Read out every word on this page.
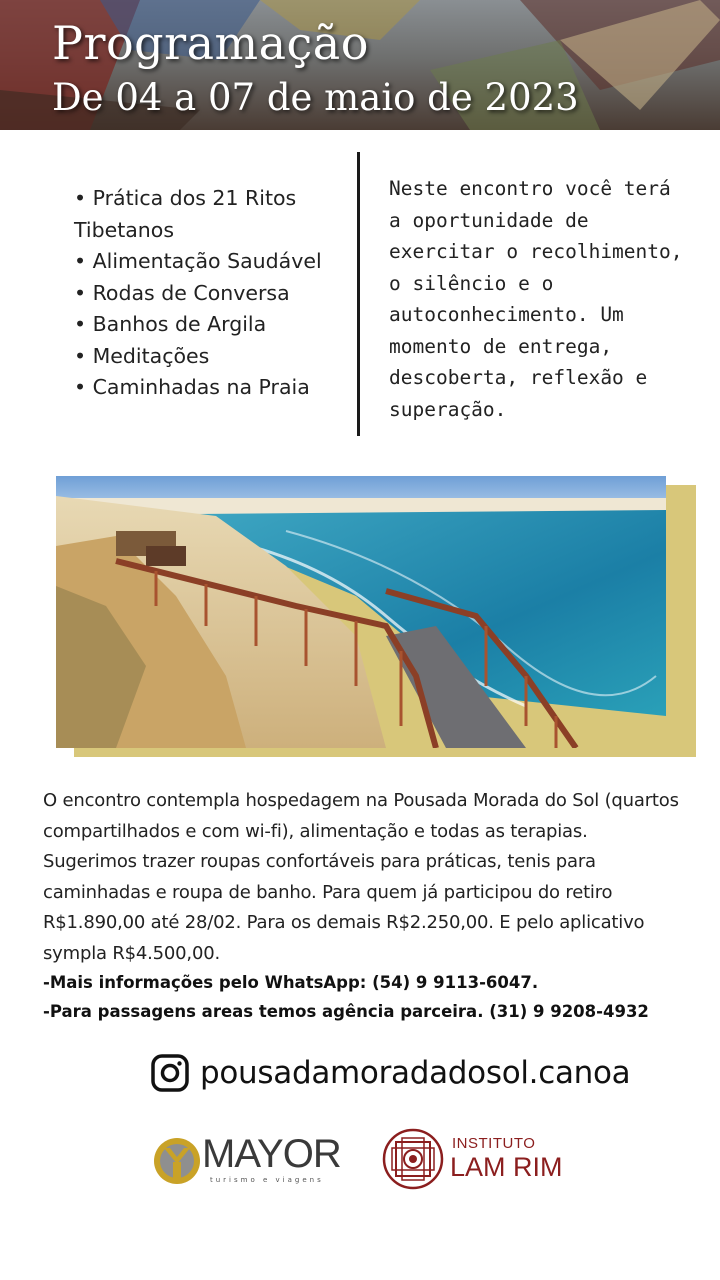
Programação
De 04 a 07 de maio de 2023
• Prática dos 21 Ritos Tibetanos
• Alimentação Saudável
• Rodas de Conversa
• Banhos de Argila
• Meditações
• Caminhadas na Praia

Neste encontro você terá a oportunidade de exercitar o recolhimento, o silêncio e o autoconhecimento. Um momento de entrega, descoberta, reflexão e superação.

O encontro contempla hospedagem na Pousada Morada do Sol (quartos compartilhados e com wi-fi), alimentação e todas as terapias. Sugerimos trazer roupas confortáveis para práticas, tenis para caminhadas e roupa de banho. Para quem já participou do retiro R$1.890,00 até 28/02. Para os demais R$2.250,00. E pelo aplicativo sympla R$4.500,00.

-Mais informações pelo WhatsApp: (54) 9 9113-6047.
-Para passagens areas temos agência parceira. (31) 9 9208-4932
pousadamoradadosol.canoa
MAYOR
turismo e viagens
INSTITUTO
LAM RIM
